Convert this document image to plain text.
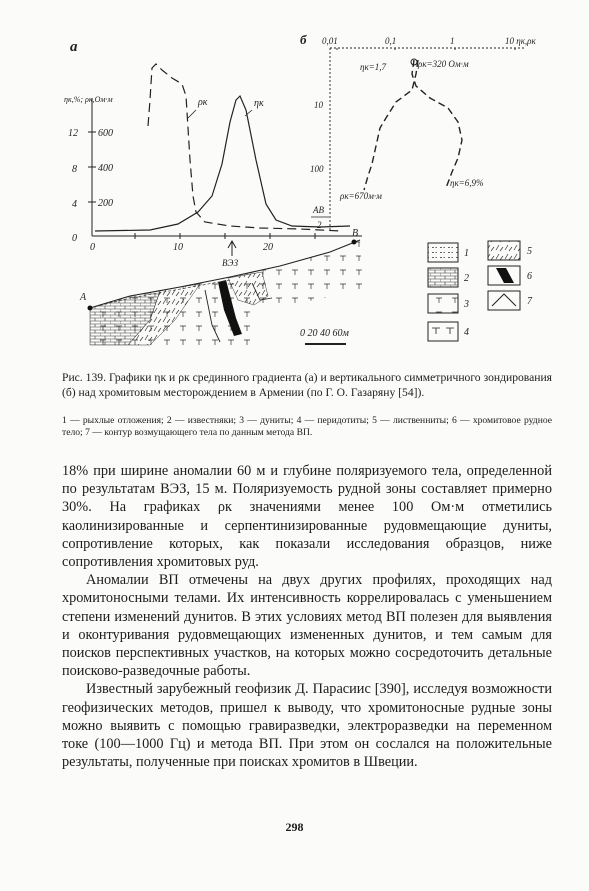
а
ηк,%; ρк,Ом·м
12
8
4
0
600
400
200
0	10	20
ρк	ηк
ВЭЗ
А
В
0 20 40 60м
б 0,01	0,1	1	10 ηк,ρк
10
100
АВ
2
ηк=1,7	ρк=320 Ом·м
ρк=670м·м
ηк=6,9%
1
2
3
4
5
6
7
Рис. 139. Графики ηк и ρк срединного градиента (а) и вертикального симметричного зондирования (б) над хромитовым месторождением в Армении (по Г. О. Газаряну [54]).
1 — рыхлые отложения; 2 — известняки; 3 — дуниты; 4 — перидотиты; 5 — лиственниты; 6 — хромитовое рудное тело; 7 — контур возмущающего тела по данным метода ВП.

18% при ширине аномалии 60 м и глубине поляризуемого тела, определенной по результатам ВЭЗ, 15 м. Поляризуемость рудной зоны составляет примерно 30%. На графиках ρк значениями менее 100 Ом·м отметились каолинизированные и серпентинизированные рудовмещающие дуниты, сопротивление которых, как показали исследования образцов, ниже сопротивления хромитовых руд.

Аномалии ВП отмечены на двух других профилях, проходящих над хромитоносными телами. Их интенсивность коррелировалась с уменьшением степени изменений дунитов. В этих условиях метод ВП полезен для выявления и оконтуривания рудовмещающих измененных дунитов, и тем самым для поисков перспективных участков, на которых можно сосредоточить детальные поисково-разведочные работы.

Известный зарубежный геофизик Д. Парасиис [390], исследуя возможности геофизических методов, пришел к выводу, что хромитоносные рудные зоны можно выявить с помощью гравиразведки, электроразведки на переменном токе (100—1000 Гц) и метода ВП. При этом он сослался на положительные результаты, полученные при поисках хромитов в Швеции.

298
